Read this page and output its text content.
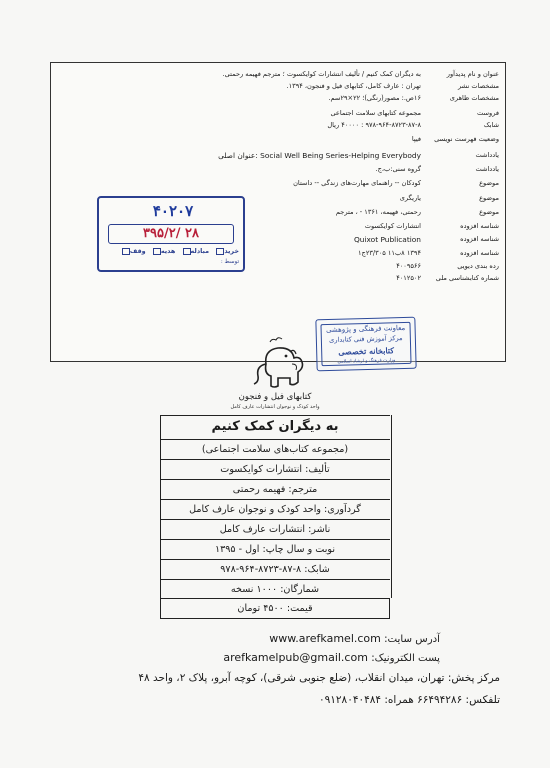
عنوان و نام پدیدآور
به دیگران کمک کنیم / تألیف انتشارات کوایکسوت ؛ مترجم فهیمه رحمتی.
مشخصات نشر
تهران : عارف کامل، کتابهای فیل و فنجون، ۱۳۹۴.
مشخصات ظاهری
۱۶ص.: مصور(رنگی)؛ ۲۲×۲۹سم.
فروست
مجموعه کتابهای سلامت اجتماعی
شابک
۹۷۸-۹۶۴-۸۷۲۳-۸۷-۸ : ۴۰۰۰۰ ریال
وضعیت فهرست نویسی
فیپا
یادداشت
عنوان اصلی: Social Well Being Series-Helping Everybody
یادداشت
گروه سنی:ب،ج.
موضوع
کودکان -- راهنمای مهارت‌های زندگی -- داستان
موضوع
یاریگری
موضوع
رحمتی، فهیمه، ۱۳۶۱ - ، مترجم
شناسه افزوده
انتشارات کوایکسوت
شناسه افزوده
Quixot Publication
شناسه افزوده
۱۳۹۴ ۸ب۱۱ ۲۳/۳۰۵ج۱
رده بندی دیویی
۴۰۰۹۵۶۶
شماره کتابشناسی ملی
۴۰۱۲۵۰۲
۴۰۲۰۷
۳۹۵/۲/ ۲۸
خرید مبادله هدیه وقف
توسط :
معاونت فرهنگی و پژوهشی
مرکز آموزش فنی کتابداری
کتابخانه تخصصی
وزارت فرهنگ و ارشاد اسلامی
کتابهای فیل و فنجون
واحد کودک و نوجوان انتشارات عارف کامل
به دیگران کمک کنیم
(مجموعه کتاب‌های سلامت اجتماعی)
تألیف: انتشارات کوایکسوت
مترجم: فهیمه رحمتی
گردآوری: واحد کودک و نوجوان عارف کامل
ناشر: انتشارات عارف کامل
نوبت و سال چاپ: اول - ۱۳۹۵
شابک: ۸-۸۷-۸۷۲۳-۹۶۴-۹۷۸
شمارگان: ۱۰۰۰ نسخه
قیمت: ۴۵۰۰ تومان
آدرس سایت: www.arefkamel.com
پست الکترونیک: arefkamelpub@gmail.com
مرکز پخش: تهران، میدان انقلاب، (ضلع جنوبی شرقی)، کوچه آبرو، پلاک ۲، واحد ۴۸
تلفکس: ۶۶۴۹۴۲۸۶ همراه: ۰۹۱۲۸۰۴۰۴۸۴
